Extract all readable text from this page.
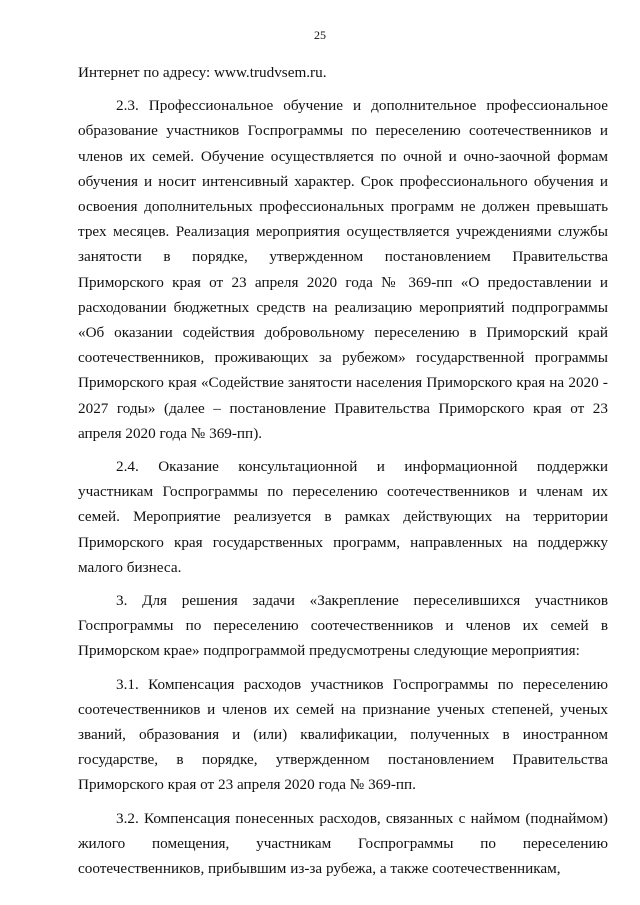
25

Интернет по адресу: www.trudvsem.ru.

2.3. Профессиональное обучение и дополнительное профессиональное образование участников Госпрограммы по переселению соотечественников и членов их семей. Обучение осуществляется по очной и очно-заочной формам обучения и носит интенсивный характер. Срок профессионального обучения и освоения дополнительных профессиональных программ не должен превышать трех месяцев. Реализация мероприятия осуществляется учреждениями службы занятости в порядке, утвержденном постановлением Правительства Приморского края от 23 апреля 2020 года № 369-пп «О предоставлении и расходовании бюджетных средств на реализацию мероприятий подпрограммы «Об оказании содействия добровольному переселению в Приморский край соотечественников, проживающих за рубежом» государственной программы Приморского края «Содействие занятости населения Приморского края на 2020 - 2027 годы» (далее – постановление Правительства Приморского края от 23 апреля 2020 года № 369-пп).

2.4. Оказание консультационной и информационной поддержки участникам Госпрограммы по переселению соотечественников и членам их семей. Мероприятие реализуется в рамках действующих на территории Приморского края государственных программ, направленных на поддержку малого бизнеса.

3. Для решения задачи «Закрепление переселившихся участников Госпрограммы по переселению соотечественников и членов их семей в Приморском крае» подпрограммой предусмотрены следующие мероприятия:

3.1. Компенсация расходов участников Госпрограммы по переселению соотечественников и членов их семей на признание ученых степеней, ученых званий, образования и (или) квалификации, полученных в иностранном государстве, в порядке, утвержденном постановлением Правительства Приморского края от 23 апреля 2020 года № 369-пп.

3.2. Компенсация понесенных расходов, связанных с наймом (поднаймом) жилого помещения, участникам Госпрограммы по переселению соотечественников, прибывшим из-за рубежа, а также соотечественникам,
